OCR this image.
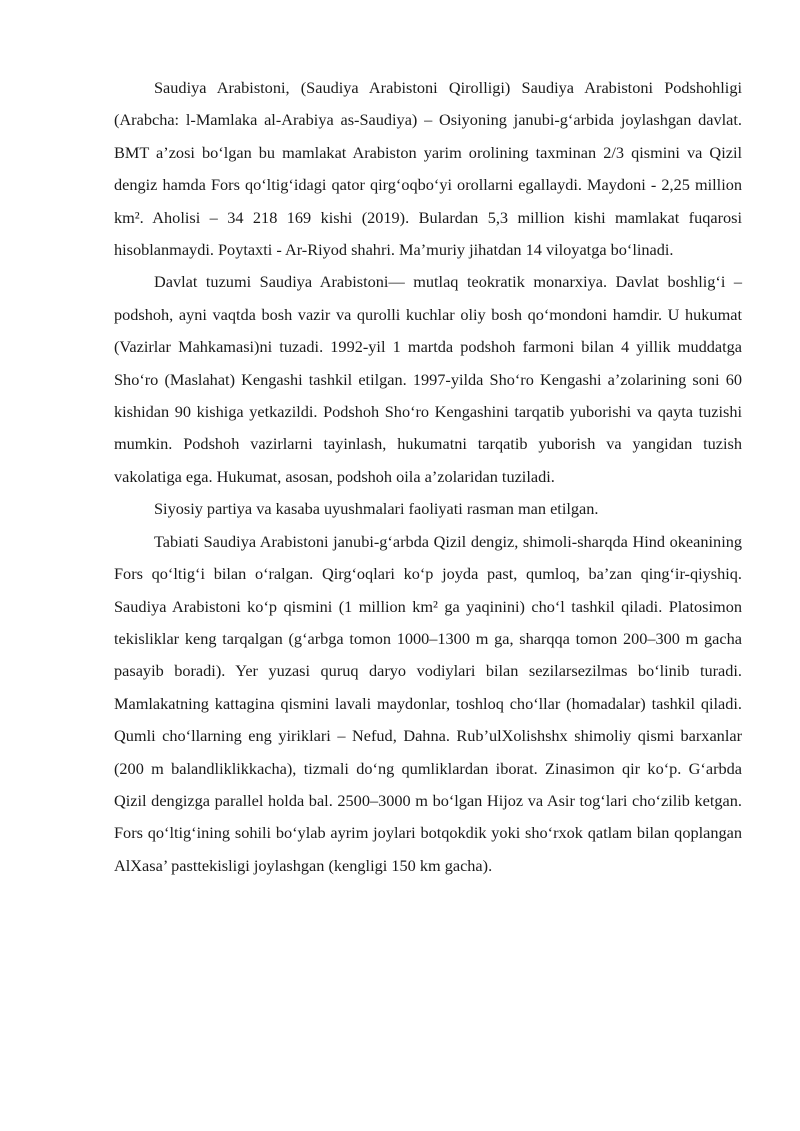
Saudiya Arabistoni, (Saudiya Arabistoni Qirolligi) Saudiya Arabistoni Podshohligi (Arabcha: l-Mamlaka al-Arabiya as-Saudiya) – Osiyoning janubi-g‘arbida joylashgan davlat. BMT a’zosi bo‘lgan bu mamlakat Arabiston yarim orolining taxminan 2/3 qismini va Qizil dengiz hamda Fors qo‘ltig‘idagi qator qirg‘oqbo‘yi orollarni egallaydi. Maydoni - 2,25 million km². Aholisi – 34 218 169 kishi (2019). Bulardan 5,3 million kishi mamlakat fuqarosi hisoblanmaydi. Poytaxti - Ar-Riyod shahri. Ma’muriy jihatdan 14 viloyatga bo‘linadi.

Davlat tuzumi Saudiya Arabistoni— mutlaq teokratik monarxiya. Davlat boshlig‘i – podshoh, ayni vaqtda bosh vazir va qurolli kuchlar oliy bosh qo‘mondoni hamdir. U hukumat (Vazirlar Mahkamasi)ni tuzadi. 1992-yil 1 martda podshoh farmoni bilan 4 yillik muddatga Sho‘ro (Maslahat) Kengashi tashkil etilgan. 1997-yilda Sho‘ro Kengashi a’zolarining soni 60 kishidan 90 kishiga yetkazildi. Podshoh Sho‘ro Kengashini tarqatib yuborishi va qayta tuzishi mumkin. Podshoh vazirlarni tayinlash, hukumatni tarqatib yuborish va yangidan tuzish vakolatiga ega. Hukumat, asosan, podshoh oila a’zolaridan tuziladi.

Siyosiy partiya va kasaba uyushmalari faoliyati rasman man etilgan.

Tabiati Saudiya Arabistoni janubi-g‘arbda Qizil dengiz, shimoli-sharqda Hind okeanining Fors qo‘ltig‘i bilan o‘ralgan. Qirg‘oqlari ko‘p joyda past, qumloq, ba’zan qing‘ir-qiyshiq. Saudiya Arabistoni ko‘p qismini (1 million km² ga yaqinini) cho‘l tashkil qiladi. Platosimon tekisliklar keng tarqalgan (g‘arbga tomon 1000–1300 m ga, sharqqa tomon 200–300 m gacha pasayib boradi). Yer yuzasi quruq daryo vodiylari bilan sezilarsezilmas bo‘linib turadi. Mamlakatning kattagina qismini lavali maydonlar, toshloq cho‘llar (homadalar) tashkil qiladi. Qumli cho‘llarning eng yiriklari – Nefud, Dahna. Rub’ulXolishshx shimoliy qismi barxanlar (200 m balandliklikkacha), tizmali do‘ng qumliklardan iborat. Zinasimon qir ko‘p. G‘arbda Qizil dengizga parallel holda bal. 2500–3000 m bo‘lgan Hijoz va Asir tog‘lari cho‘zilib ketgan. Fors qo‘ltig‘ining sohili bo‘ylab ayrim joylari botqokdik yoki sho‘rxok qatlam bilan qoplangan AlXasa’ pasttekisligi joylashgan (kengligi 150 km gacha).
